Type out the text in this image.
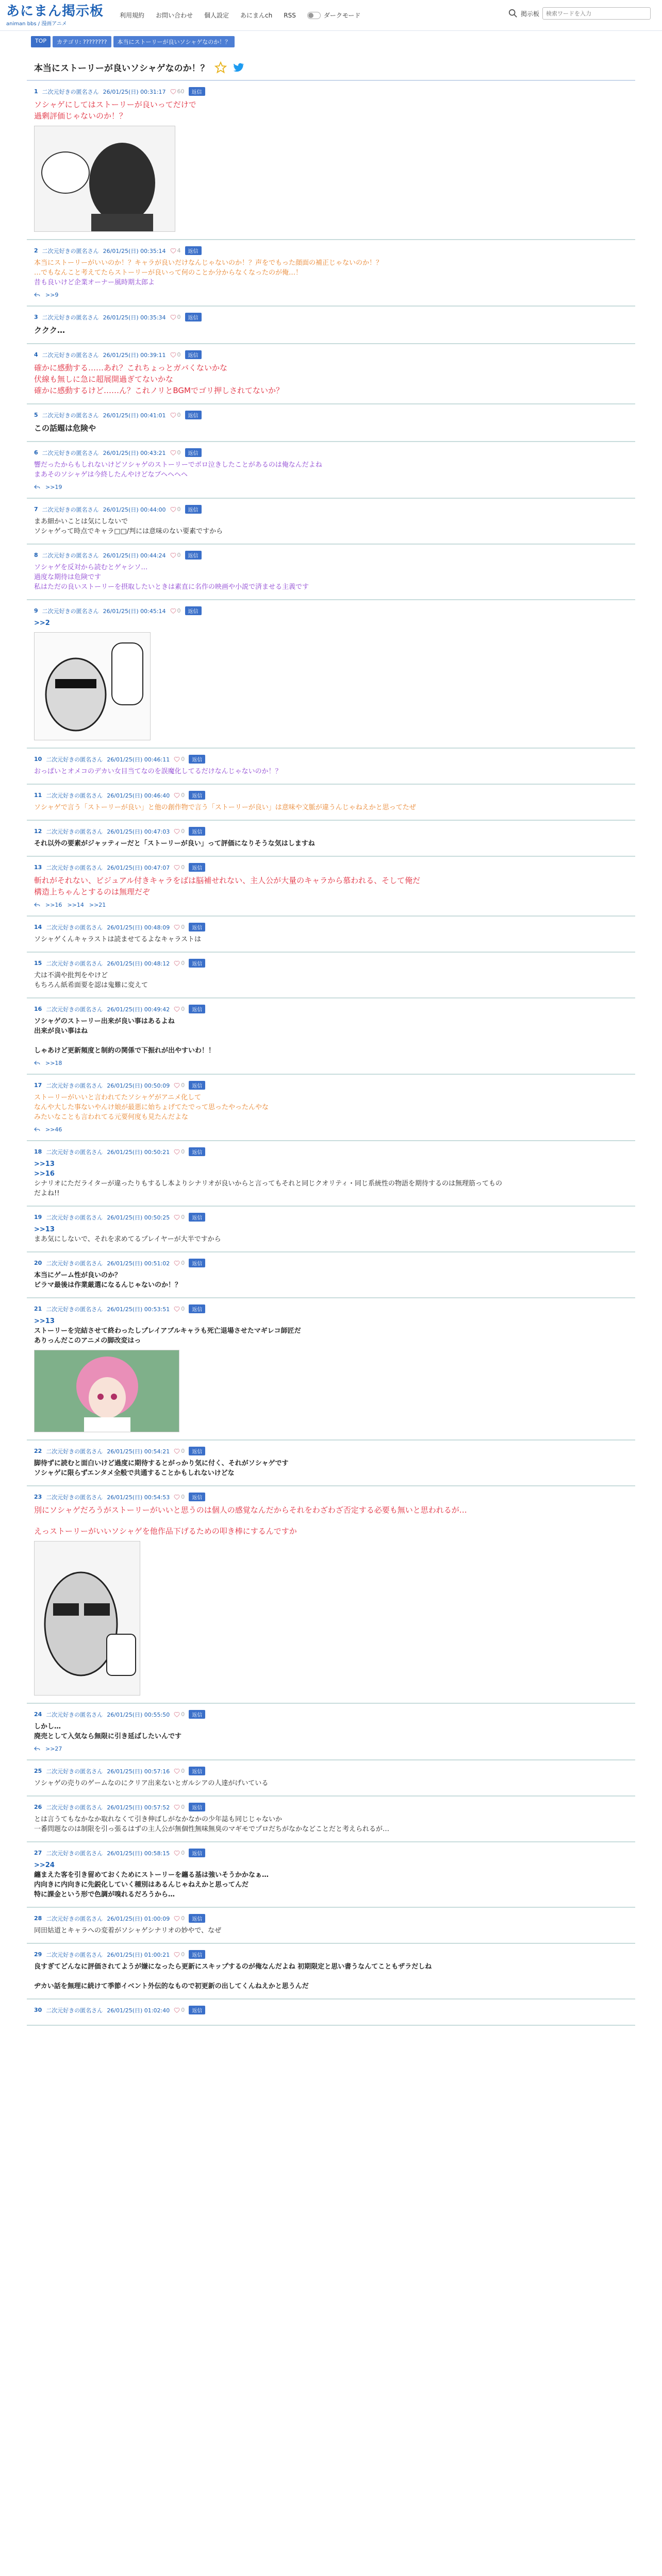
あにまん掲示板
animan bbs / 漫画アニメ
利用規約 お問い合わせ 個人設定 あにまんch RSS	ダークモード	掲示板
検索ワードを入力
TOP	カテゴリ: ????????	本当にストーリーが良いソシャゲなのか！？
本当にストーリーが良いソシャゲなのか！？
1 二次元好きの匿名さん 26/01/25(日) 00:31:17 60	返信
ソシャゲにしてはストーリーが良いってだけで
過剰評価じゃないのか！？
2 二次元好きの匿名さん 26/01/25(日) 00:35:14 4	返信
本当にストーリーがいいのか！？キャラが良いだけなんじゃないのか！？声をでもった顔面の補正じゃないのか！？
…でもなんこと考えてたらストーリーが良いって何のことか分からなくなったのが俺…！
昔も良いけど企業オーナー風時期太郎よ
>>9
3 二次元好きの匿名さん 26/01/25(日) 00:35:34 0	返信
ククク…
4 二次元好きの匿名さん 26/01/25(日) 00:39:11 0	返信
確かに感動する……あれ？これちょっとガバくないかな
伏線も無しに急に超展開過ぎてないかな
確かに感動するけど……ん？これノリとBGMでゴリ押しされてないか？
5 二次元好きの匿名さん 26/01/25(日) 00:41:01 0	返信
この話題は危険や
6 二次元好きの匿名さん 26/01/25(日) 00:43:21 0	返信
響だったからもしれないけどソシャゲのストーリーでボロ泣きしたことがあるのは俺なんだよね
まあそのソシャゲは今終したんやけどなブヘヘヘヘ
>>19
7 二次元好きの匿名さん 26/01/25(日) 00:44:00 0	返信
まあ細かいことは気にしないで
ソシャゲって時点でキャラ□□/判には意味のない要素ですから
8 二次元好きの匿名さん 26/01/25(日) 00:44:24 0	返信
ソシャゲを反対から読むとゲャシソ…
過度な期待は危険です
私はただの良いストーリーを摂取したいときは素直に名作の映画や小説で済ませる主義です
9 二次元好きの匿名さん 26/01/25(日) 00:45:14 0	返信
>>2
10 二次元好きの匿名さん 26/01/25(日) 00:46:11 0	返信
おっぱいとオメコのデカい女目当てなのを誤魔化してるだけなんじゃないのか！？
11 二次元好きの匿名さん 26/01/25(日) 00:46:40 0	返信
ソシャゲで言う「ストーリーが良い」と他の創作物で言う「ストーリーが良い」は意味や文脈が違うんじゃねえかと思ってたぜ
12 二次元好きの匿名さん 26/01/25(日) 00:47:03 0	返信
それ以外の要素がジャッティーだと「ストーリーが良い」って評価になりそうな気はしますね
13 二次元好きの匿名さん 26/01/25(日) 00:47:07 0	返信
斬れがそれない、ビジュアル付きキャラをばは脳補せれない、主人公が大量のキャラから慕われる、そして俺だ
構造上ちゃんとするのは無理だぞ
>>16 >>14 >>21
14 二次元好きの匿名さん 26/01/25(日) 00:48:09 0	返信
ソシャゲくんキャラストは読ませてるよなキャラストは
15 二次元好きの匿名さん 26/01/25(日) 00:48:12 0	返信
犬は不満や批判をやけど
もちろん紙希面要を認は鬼難に変えて
16 二次元好きの匿名さん 26/01/25(日) 00:49:42 0	返信
ソシャゲのストーリー出来が良い事はあるよね
出来が良い事はね

しゃあけど更新頻度と制約の関係で下振れが出やすいわ！！
>>18
17 二次元好きの匿名さん 26/01/25(日) 00:50:09 0	返信
ストーリーがいいと言われてたソシャゲがアニメ化して
なんや大した事ないやんけ娘が最悪に始ちょげてたでって思ったやったんやな
みたいなことも言われてる元要何度も見たんだよな
>>46
18 二次元好きの匿名さん 26/01/25(日) 00:50:21 0	返信
>>13
>>16
シナリオにただライターが違ったりもするし本よりシナリオが良いからと言ってもそれと同じクオリティ・同じ系統性の物語を期待するのは無理筋ってもの
だよね!!
19 二次元好きの匿名さん 26/01/25(日) 00:50:25 0	返信
>>13
まあ気にしないで、それを求めてるプレイヤーが大半ですから
20 二次元好きの匿名さん 26/01/25(日) 00:51:02 0	返信
本当にゲーム性が良いのか？
ビラマ最後は作業厳選になるんじゃないのか！？
21 二次元好きの匿名さん 26/01/25(日) 00:53:51 0	返信
>>13
ストーリーを完結させて終わったしプレイアブルキャラも死亡退場させたマギレコ師匠だ
ありっんだこのアニメの脚改変はっ
22 二次元好きの匿名さん 26/01/25(日) 00:54:21 0	返信
脚待ずに読むと面白いけど過度に期待するとがっかり気に付く、それがソシャゲです
ソシャゲに限らずエンタメ全般で共通することかもしれないけどな
23 二次元好きの匿名さん 26/01/25(日) 00:54:53 0	返信
別にソシャゲだろうがストーリーがいいと思うのは個人の感覚なんだからそれをわざわざ否定する必要も無いと思われるが…

えっストーリーがいいソシャゲを他作品下げるための叩き棒にするんですか
24 二次元好きの匿名さん 26/01/25(日) 00:55:50 0	返信
しかし…
廃売として入気なら無限に引き延ばしたいんです
>>27
25 二次元好きの匿名さん 26/01/25(日) 00:57:16 0	返信
ソシャゲの売りのゲームなのにクリア出来ないとガルシアの人達がげいている
26 二次元好きの匿名さん 26/01/25(日) 00:57:52 0	返信
とは言うてもなかなか取れなくて引き伸ばしがなかなかの少年誌も同じじゃないか
一番問題なのは制限を引っ張るはずの主人公が無個性無味無臭のマギモでプロだちがなかなどことだと考えられるが…
27 二次元好きの匿名さん 26/01/25(日) 00:58:15 0	返信
>>24
纏まえた客を引き留めておくためにストーリーを纏る基は強いそうかかなぁ…
内向きに内向きに先鋭化していく種別はあるんじゃねえかと思ってんだ
特に課金という形で色調が嗅れるだろうから…
28 二次元好きの匿名さん 26/01/25(日) 01:00:09 0	返信
同田姑道とキャラへの変着がソシャゲシナリオの妙やで、なぜ
29 二次元好きの匿名さん 26/01/25(日) 01:00:21 0	返信
良すぎてどんなに評価されてようが嫌になったら更新にスキップするのが俺なんだよね 初期限定と思い書うなんてこともザラだしね

ヂカい話を無理に続けて季節イベント外伝的なもので初更新の出してくんねえかと思うんだ
30 二次元好きの匿名さん 26/01/25(日) 01:02:40 0	返信
